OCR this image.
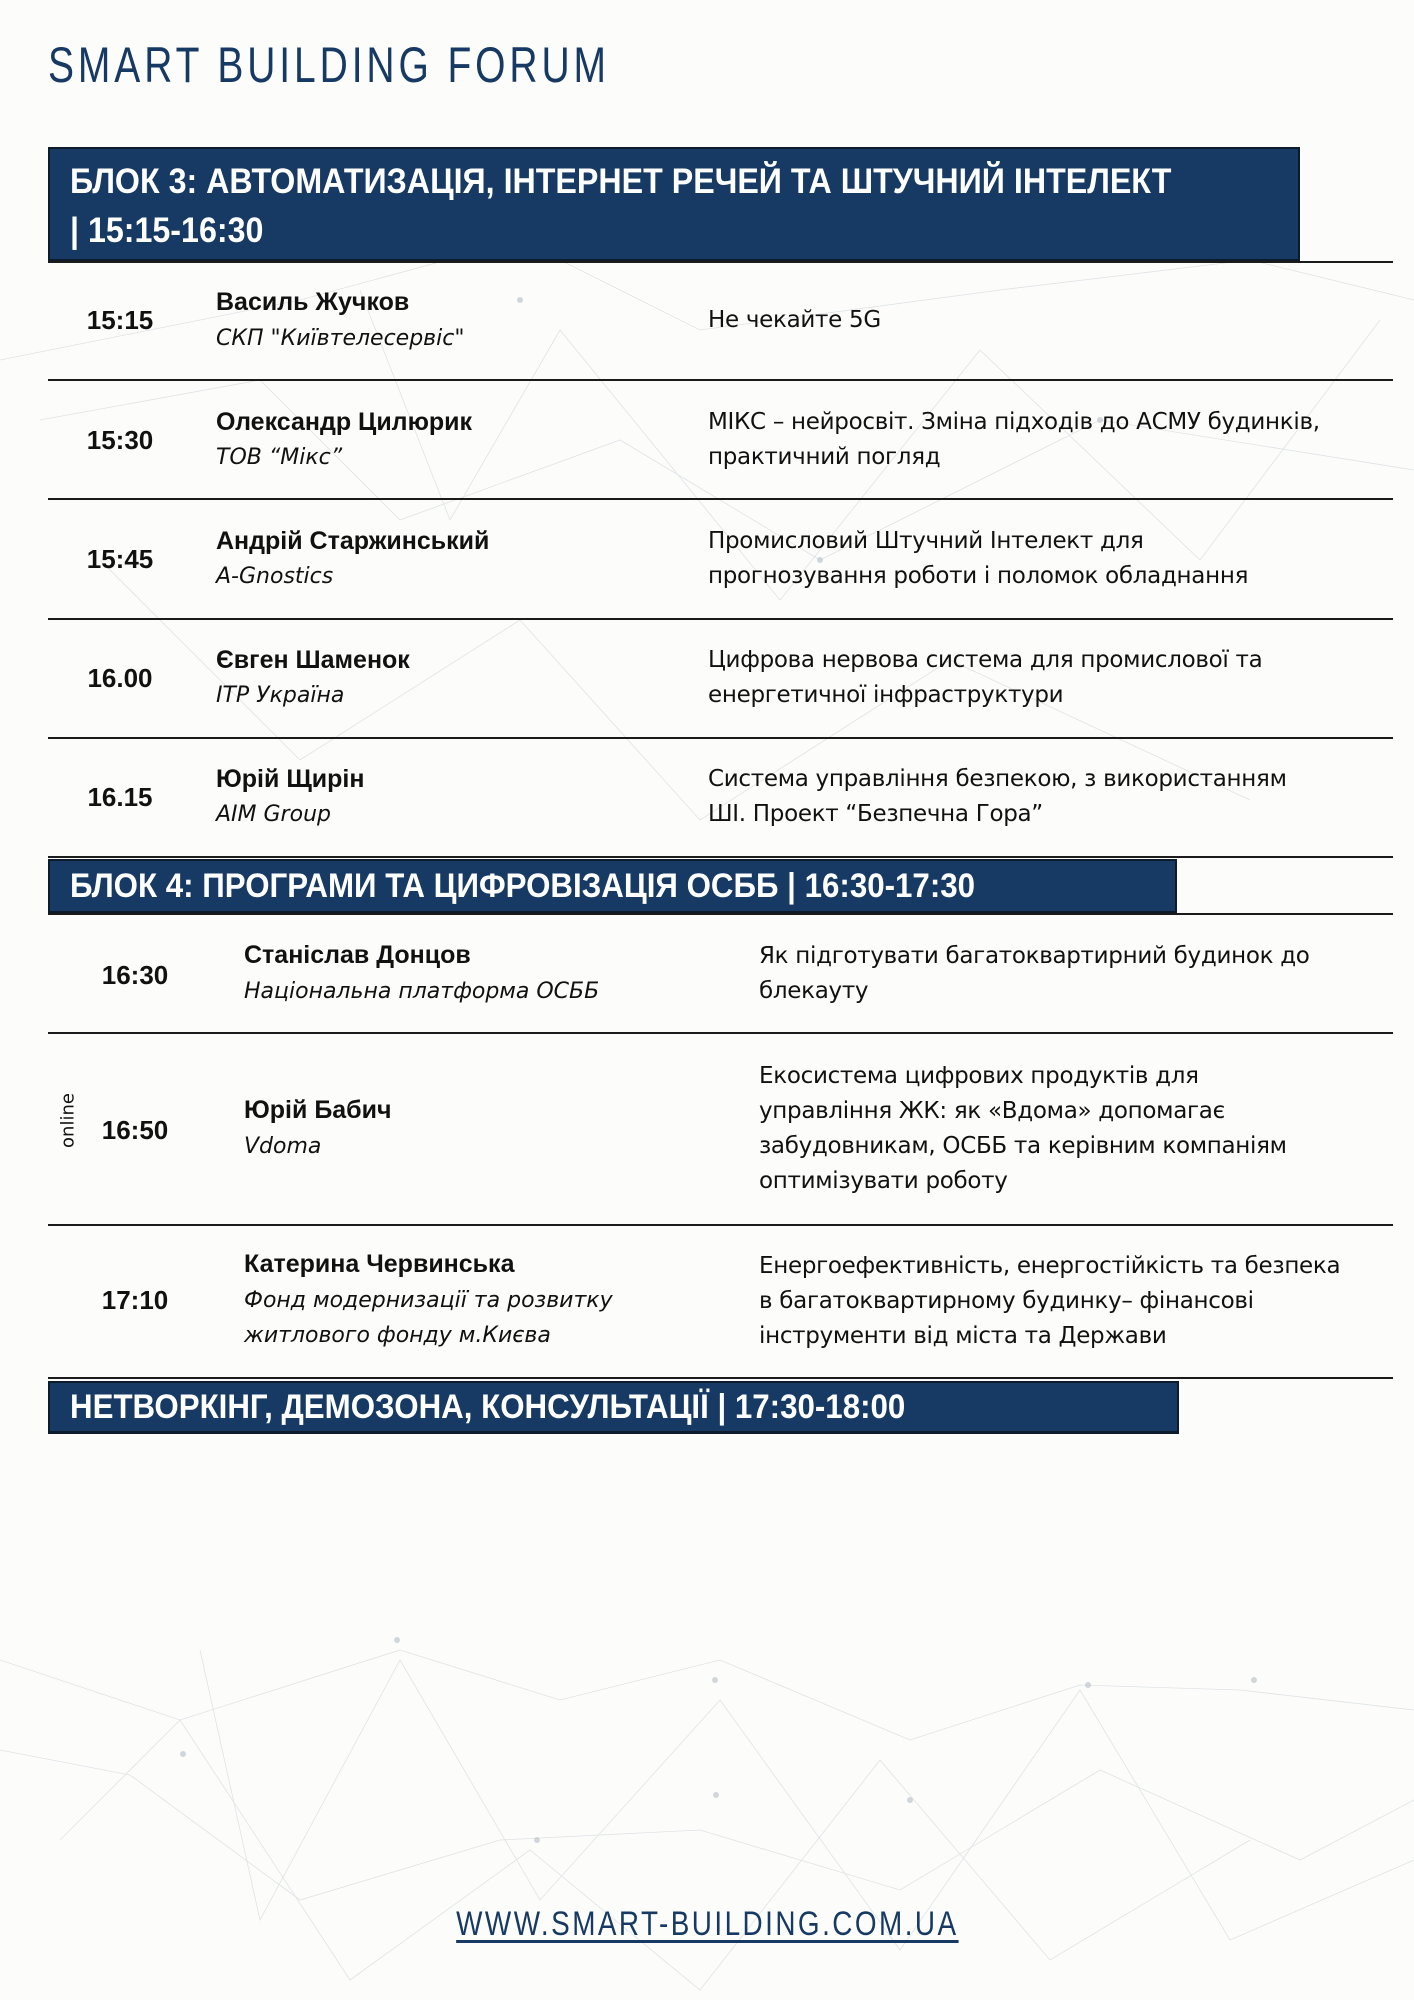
SMART BUILDING FORUM
БЛОК 3: АВТОМАТИЗАЦІЯ, ІНТЕРНЕТ РЕЧЕЙ ТА ШТУЧНИЙ ІНТЕЛЕКТ
| 15:15-16:30
15:15
Василь Жучков
СКП "Київтелесервіс"
Не чекайте 5G
15:30
Олександр Цилюрик
ТОВ “Мікс”
МІКС – нейросвіт. Зміна підходів до АСМУ будинків,
практичний погляд
15:45
Андрій Старжинський
A-Gnostics
Промисловий Штучний Інтелект для
прогнозування роботи і поломок обладнання
16.00
Євген Шаменок
ІТР Україна
Цифрова нервова система для промислової та
енергетичної інфраструктури
16.15
Юрій Щирін
AIM Group
Система управління безпекою, з використанням
ШІ. Проект “Безпечна Гора”
БЛОК 4: ПРОГРАМИ ТА ЦИФРОВІЗАЦІЯ ОСББ | 16:30-17:30
16:30
Станіслав Донцов
Національна платформа ОСББ
Як підготувати багатоквартирний будинок до
блекауту
online 16:50
Юрій Бабич
Vdoma
Екосистема цифрових продуктів для
управління ЖК: як «Вдома» допомагає
забудовникам, ОСББ та керівним компаніям
оптимізувати роботу
17:10
Катерина Червинська
Фонд модернизації та розвитку
житлового фонду м.Києва
Енергоефективність, енергостійкість та безпека
в багатоквартирному будинку– фінансові
інструменти від міста та Держави
НЕТВОРКІНГ, ДЕМОЗОНА, КОНСУЛЬТАЦІЇ | 17:30-18:00
WWW.SMART-BUILDING.COM.UA
